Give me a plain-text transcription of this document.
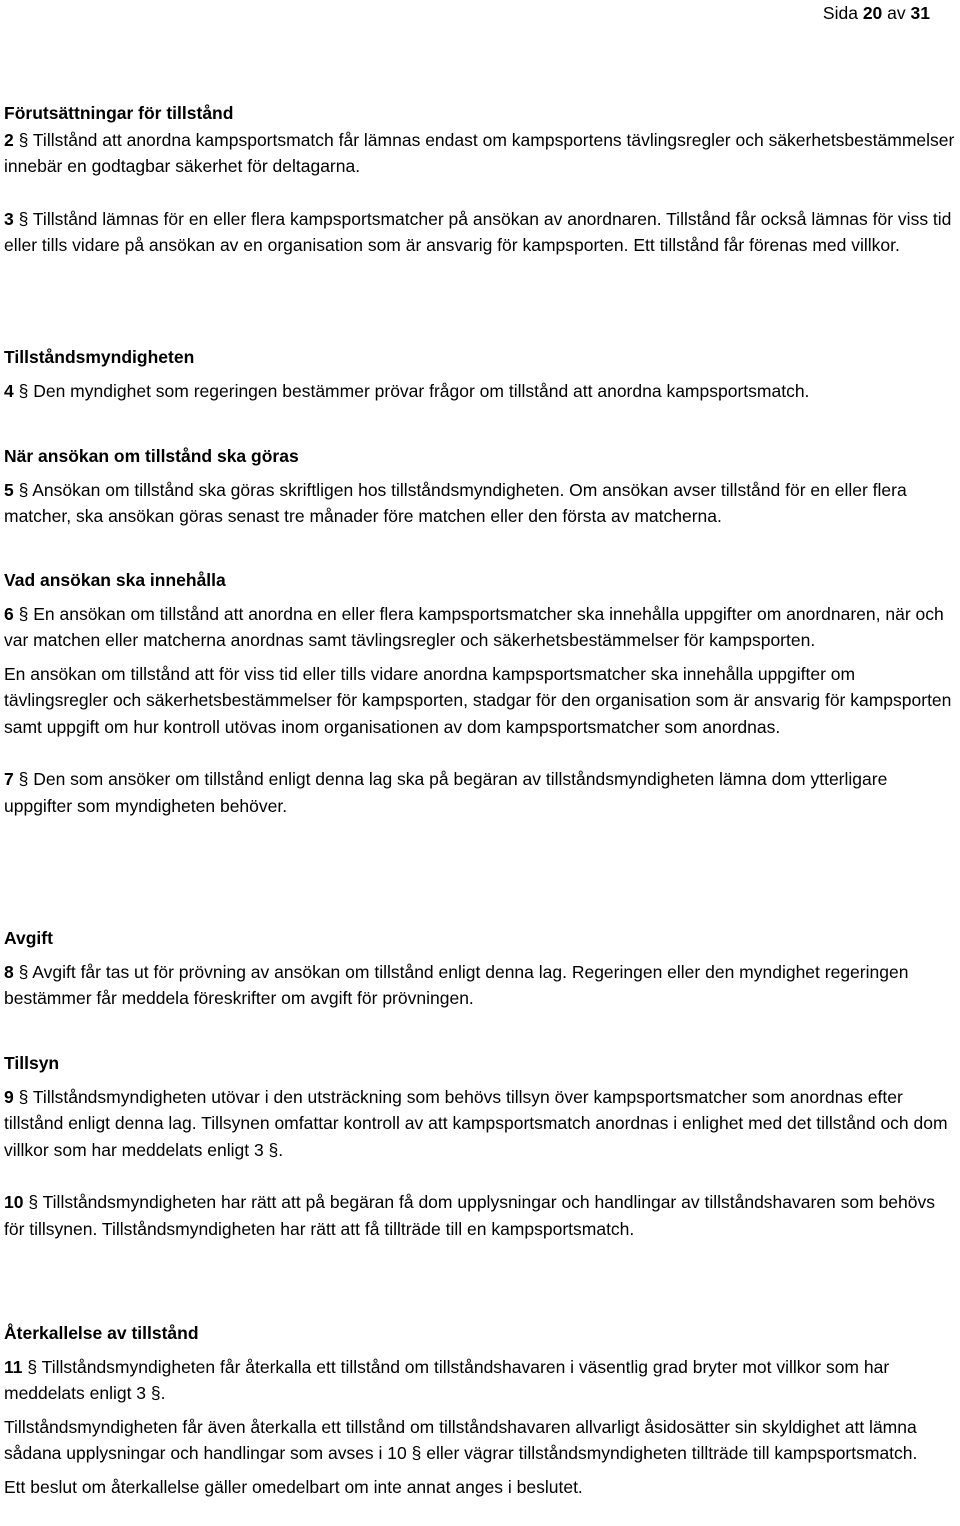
Sida 20 av 31

Förutsättningar för tillstånd

2 § Tillstånd att anordna kampsportsmatch får lämnas endast om kampsportens tävlingsregler och säkerhetsbestämmelser innebär en godtagbar säkerhet för deltagarna.

3 § Tillstånd lämnas för en eller flera kampsportsmatcher på ansökan av anordnaren. Tillstånd får också lämnas för viss tid eller tills vidare på ansökan av en organisation som är ansvarig för kampsporten. Ett tillstånd får förenas med villkor.

Tillståndsmyndigheten

4 § Den myndighet som regeringen bestämmer prövar frågor om tillstånd att anordna kampsportsmatch.

När ansökan om tillstånd ska göras

5 § Ansökan om tillstånd ska göras skriftligen hos tillståndsmyndigheten. Om ansökan avser tillstånd för en eller flera matcher, ska ansökan göras senast tre månader före matchen eller den första av matcherna.

Vad ansökan ska innehålla

6 § En ansökan om tillstånd att anordna en eller flera kampsportsmatcher ska innehålla uppgifter om anordnaren, när och var matchen eller matcherna anordnas samt tävlingsregler och säkerhetsbestämmelser för kampsporten.

En ansökan om tillstånd att för viss tid eller tills vidare anordna kampsportsmatcher ska innehålla uppgifter om tävlingsregler och säkerhetsbestämmelser för kampsporten, stadgar för den organisation som är ansvarig för kampsporten samt uppgift om hur kontroll utövas inom organisationen av dom kampsportsmatcher som anordnas.

7 § Den som ansöker om tillstånd enligt denna lag ska på begäran av tillståndsmyndigheten lämna dom ytterligare uppgifter som myndigheten behöver.

Avgift

8 § Avgift får tas ut för prövning av ansökan om tillstånd enligt denna lag. Regeringen eller den myndighet regeringen bestämmer får meddela föreskrifter om avgift för prövningen.

Tillsyn

9 § Tillståndsmyndigheten utövar i den utsträckning som behövs tillsyn över kampsportsmatcher som anordnas efter tillstånd enligt denna lag. Tillsynen omfattar kontroll av att kampsportsmatch anordnas i enlighet med det tillstånd och dom villkor som har meddelats enligt 3 §.

10 § Tillståndsmyndigheten har rätt att på begäran få dom upplysningar och handlingar av tillståndshavaren som behövs för tillsynen. Tillståndsmyndigheten har rätt att få tillträde till en kampsportsmatch.

Återkallelse av tillstånd

11 § Tillståndsmyndigheten får återkalla ett tillstånd om tillståndshavaren i väsentlig grad bryter mot villkor som har meddelats enligt 3 §.

Tillståndsmyndigheten får även återkalla ett tillstånd om tillståndshavaren allvarligt åsidosätter sin skyldighet att lämna sådana upplysningar och handlingar som avses i 10 § eller vägrar tillståndsmyndigheten tillträde till kampsportsmatch.

Ett beslut om återkallelse gäller omedelbart om inte annat anges i beslutet.
